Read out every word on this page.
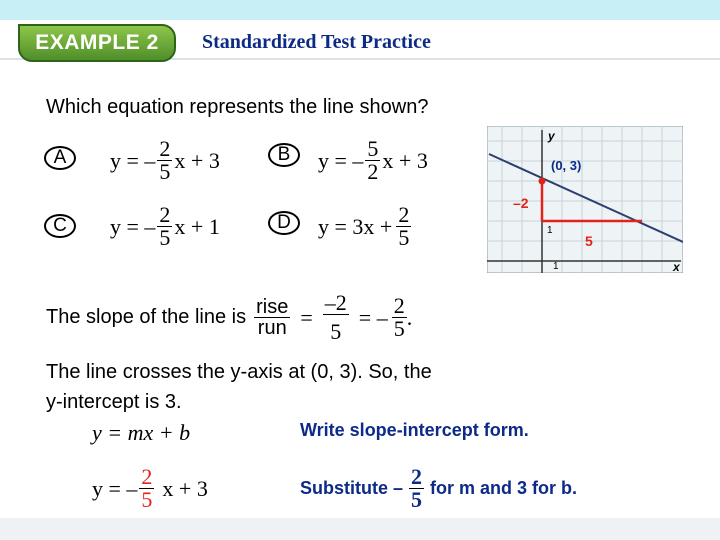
EXAMPLE 2	Standardized Test Practice
Which equation represents the line shown?
A	y = – $\frac{2}{5}$ x + 3	B	y = – $\frac{5}{2}$ x + 3
C	y = – $\frac{2}{5}$ x + 1	D	$y = 3x + \frac{2}{5}$
y
x
1
1
(0, 3)
–2
5
The slope of the line is $\frac{\text{rise}}{\text{run}} = \frac{-2}{5}$ = – $\frac{2}{5}$ .
The line crosses the y-axis at (0, 3). So, the
y-intercept is 3.
y = mx + b	Write slope-intercept form.
y = – $\frac{2}{5}$ x + 3	Substitute – $\frac{2}{5}$ for m and 3 for b.
